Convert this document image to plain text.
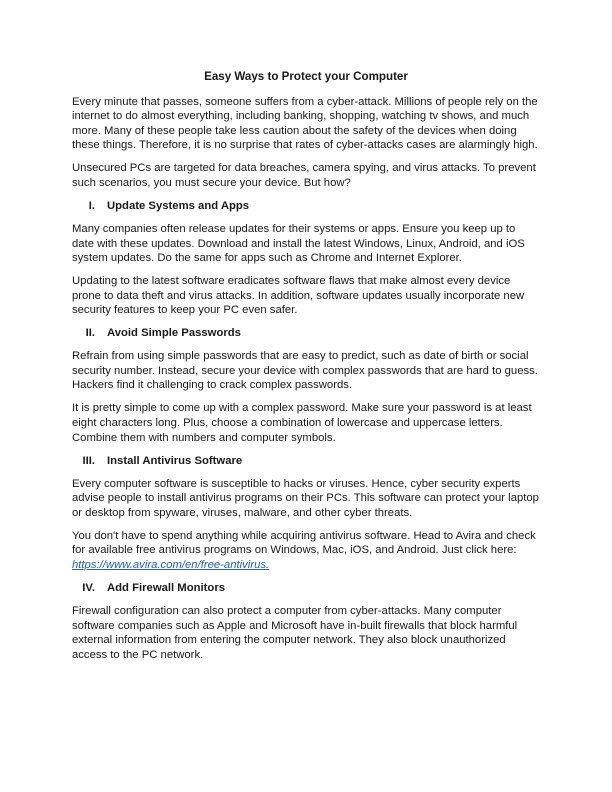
Easy Ways to Protect your Computer

Every minute that passes, someone suffers from a cyber-attack. Millions of people rely on the internet to do almost everything, including banking, shopping, watching tv shows, and much more. Many of these people take less caution about the safety of the devices when doing these things. Therefore, it is no surprise that rates of cyber-attacks cases are alarmingly high.

Unsecured PCs are targeted for data breaches, camera spying, and virus attacks. To prevent such scenarios, you must secure your device. But how?

I. Update Systems and Apps

Many companies often release updates for their systems or apps. Ensure you keep up to date with these updates. Download and install the latest Windows, Linux, Android, and iOS system updates. Do the same for apps such as Chrome and Internet Explorer.

Updating to the latest software eradicates software flaws that make almost every device prone to data theft and virus attacks. In addition, software updates usually incorporate new security features to keep your PC even safer.

II. Avoid Simple Passwords

Refrain from using simple passwords that are easy to predict, such as date of birth or social security number. Instead, secure your device with complex passwords that are hard to guess. Hackers find it challenging to crack complex passwords.

It is pretty simple to come up with a complex password. Make sure your password is at least eight characters long. Plus, choose a combination of lowercase and uppercase letters. Combine them with numbers and computer symbols.

III. Install Antivirus Software

Every computer software is susceptible to hacks or viruses. Hence, cyber security experts advise people to install antivirus programs on their PCs. This software can protect your laptop or desktop from spyware, viruses, malware, and other cyber threats.

You don't have to spend anything while acquiring antivirus software. Head to Avira and check for available free antivirus programs on Windows, Mac, iOS, and Android. Just click here: https://www.avira.com/en/free-antivirus.

IV. Add Firewall Monitors

Firewall configuration can also protect a computer from cyber-attacks. Many computer software companies such as Apple and Microsoft have in-built firewalls that block harmful external information from entering the computer network. They also block unauthorized access to the PC network.
